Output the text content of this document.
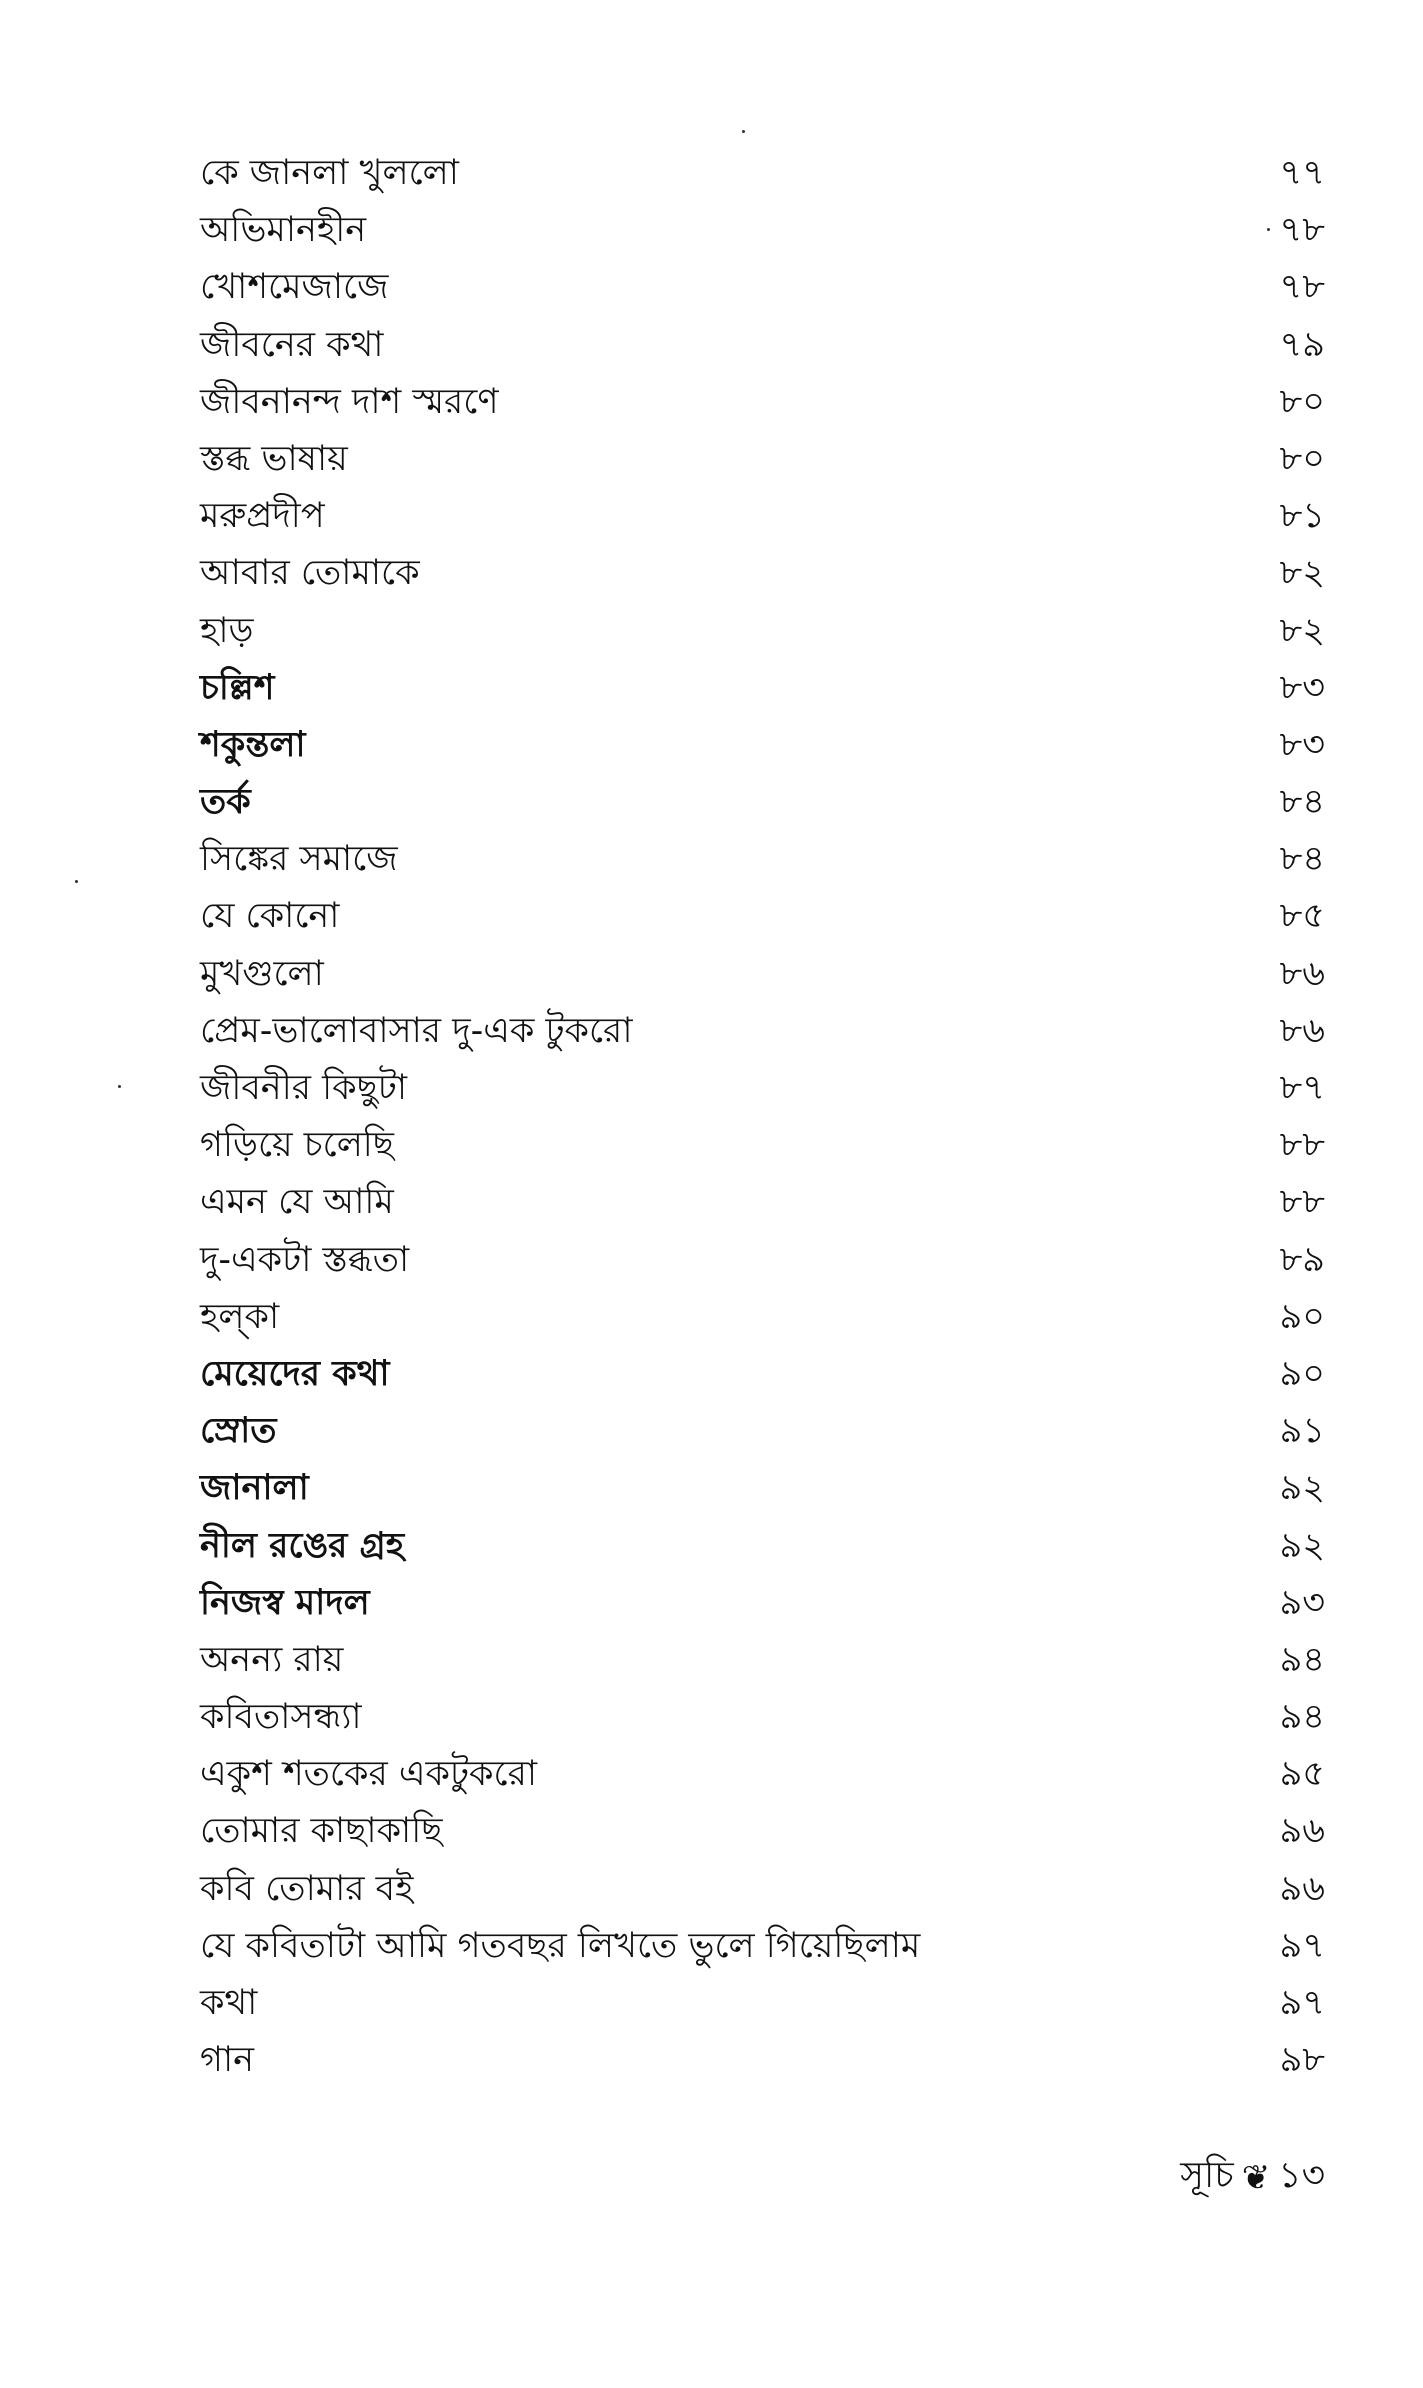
কে জানলা খুললো	৭৭
অভিমানহীন	৭৮
খোশমেজাজে	৭৮
জীবনের কথা	৭৯
জীবনানন্দ দাশ স্মরণে	৮০
স্তব্ধ ভাষায়	৮০
মরুপ্রদীপ	৮১
আবার তোমাকে	৮২
হাড়	৮২
চল্লিশ	৮৩
শকুন্তলা	৮৩
তর্ক	৮৪
সিঙ্কের সমাজে	৮৪
যে কোনো	৮৫
মুখগুলো	৮৬
প্রেম-ভালোবাসার দু-এক টুকরো	৮৬
জীবনীর কিছুটা	৮৭
গড়িয়ে চলেছি	৮৮
এমন যে আমি	৮৮
দু-একটা স্তব্ধতা	৮৯
হল্‌কা	৯০
মেয়েদের কথা	৯০
স্রোত	৯১
জানালা	৯২
নীল রঙের গ্রহ	৯২
নিজস্ব মাদল	৯৩
অনন্য রায়	৯৪
কবিতাসন্ধ্যা	৯৪
একুশ শতকের একটুকরো	৯৫
তোমার কাছাকাছি	৯৬
কবি তোমার বই	৯৬
যে কবিতাটা আমি গতবছর লিখতে ভুলে গিয়েছিলাম	৯৭
কথা	৯৭
গান	৯৮
সূচি ❦ ১৩
